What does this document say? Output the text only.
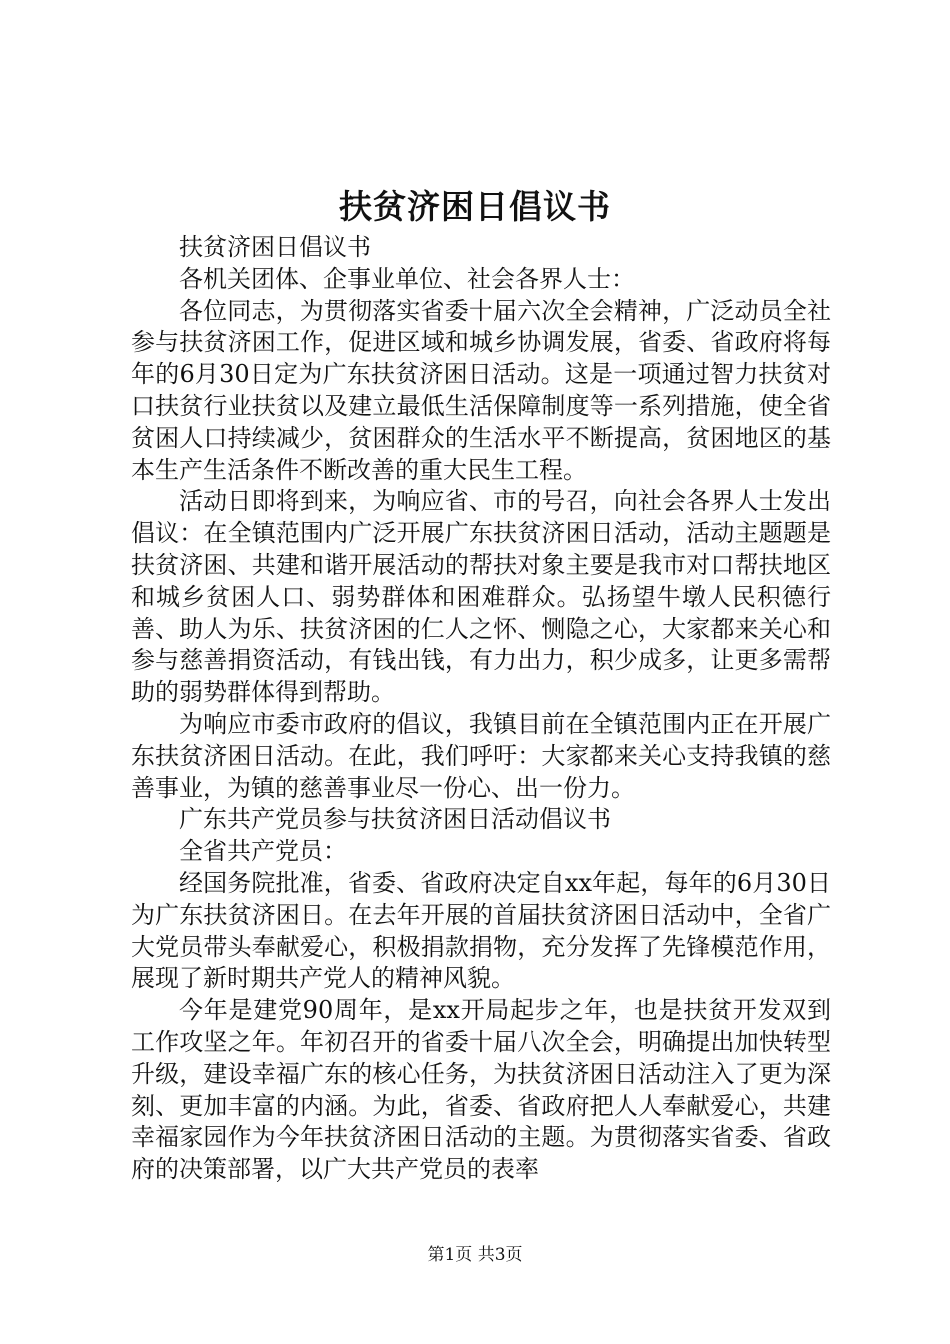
扶贫济困日倡议书

扶贫济困日倡议书

各机关团体、企事业单位、社会各界人士：

各位同志，为贯彻落实省委十届六次全会精神，广泛动员全社参与扶贫济困工作，促进区域和城乡协调发展，省委、省政府将每年的6月30日定为广东扶贫济困日活动。这是一项通过智力扶贫对口扶贫行业扶贫以及建立最低生活保障制度等一系列措施，使全省贫困人口持续减少，贫困群众的生活水平不断提高，贫困地区的基本生产生活条件不断改善的重大民生工程。

活动日即将到来，为响应省、市的号召，向社会各界人士发出倡议：在全镇范围内广泛开展广东扶贫济困日活动，活动主题题是扶贫济困、共建和谐开展活动的帮扶对象主要是我市对口帮扶地区和城乡贫困人口、弱势群体和困难群众。弘扬望牛墩人民积德行善、助人为乐、扶贫济困的仁人之怀、恻隐之心，大家都来关心和参与慈善捐资活动，有钱出钱，有力出力，积少成多，让更多需帮助的弱势群体得到帮助。

为响应市委市政府的倡议，我镇目前在全镇范围内正在开展广东扶贫济困日活动。在此，我们呼吁：大家都来关心支持我镇的慈善事业，为镇的慈善事业尽一份心、出一份力。

广东共产党员参与扶贫济困日活动倡议书

全省共产党员：

经国务院批准，省委、省政府决定自xx年起，每年的6月30日为广东扶贫济困日。在去年开展的首届扶贫济困日活动中，全省广大党员带头奉献爱心，积极捐款捐物，充分发挥了先锋模范作用，展现了新时期共产党人的精神风貌。

今年是建党90周年，是xx开局起步之年，也是扶贫开发双到工作攻坚之年。年初召开的省委十届八次全会，明确提出加快转型升级，建设幸福广东的核心任务，为扶贫济困日活动注入了更为深刻、更加丰富的内涵。为此，省委、省政府把人人奉献爱心，共建幸福家园作为今年扶贫济困日活动的主题。为贯彻落实省委、省政府的决策部署，以广大共产党员的表率

第1页 共3页
